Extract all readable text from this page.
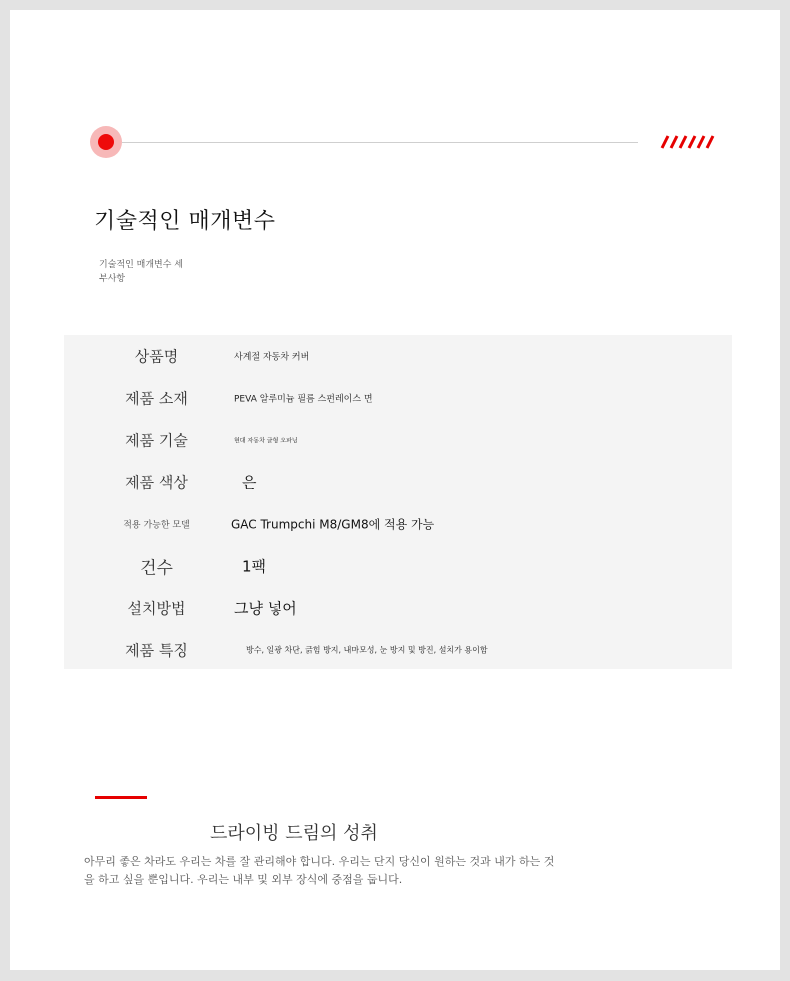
기술적인 매개변수
기술적인 매개변수 세
부사항
상품명	사계절 자동차 커버
제품 소재	PEVA 알루미늄 필름 스펀레이스 면
제품 기술	현대 자동차 글형 오파닝
제품 색상	은
적용 가능한 모델	GAC Trumpchi M8/GM8에 적용 가능
건수	1팩
설치방법	그냥 넣어
제품 특징	방수, 일광 차단, 긁힘 방지, 내마모성, 눈 방지 및 방진, 설치가 용이함
드라이빙 드림의 성취
아무리 좋은 차라도 우리는 차를 잘 관리해야 합니다. 우리는 단지 당신이 원하는 것과 내가 하는 것
을 하고 싶을 뿐입니다. 우리는 내부 및 외부 장식에 중점을 둡니다.
